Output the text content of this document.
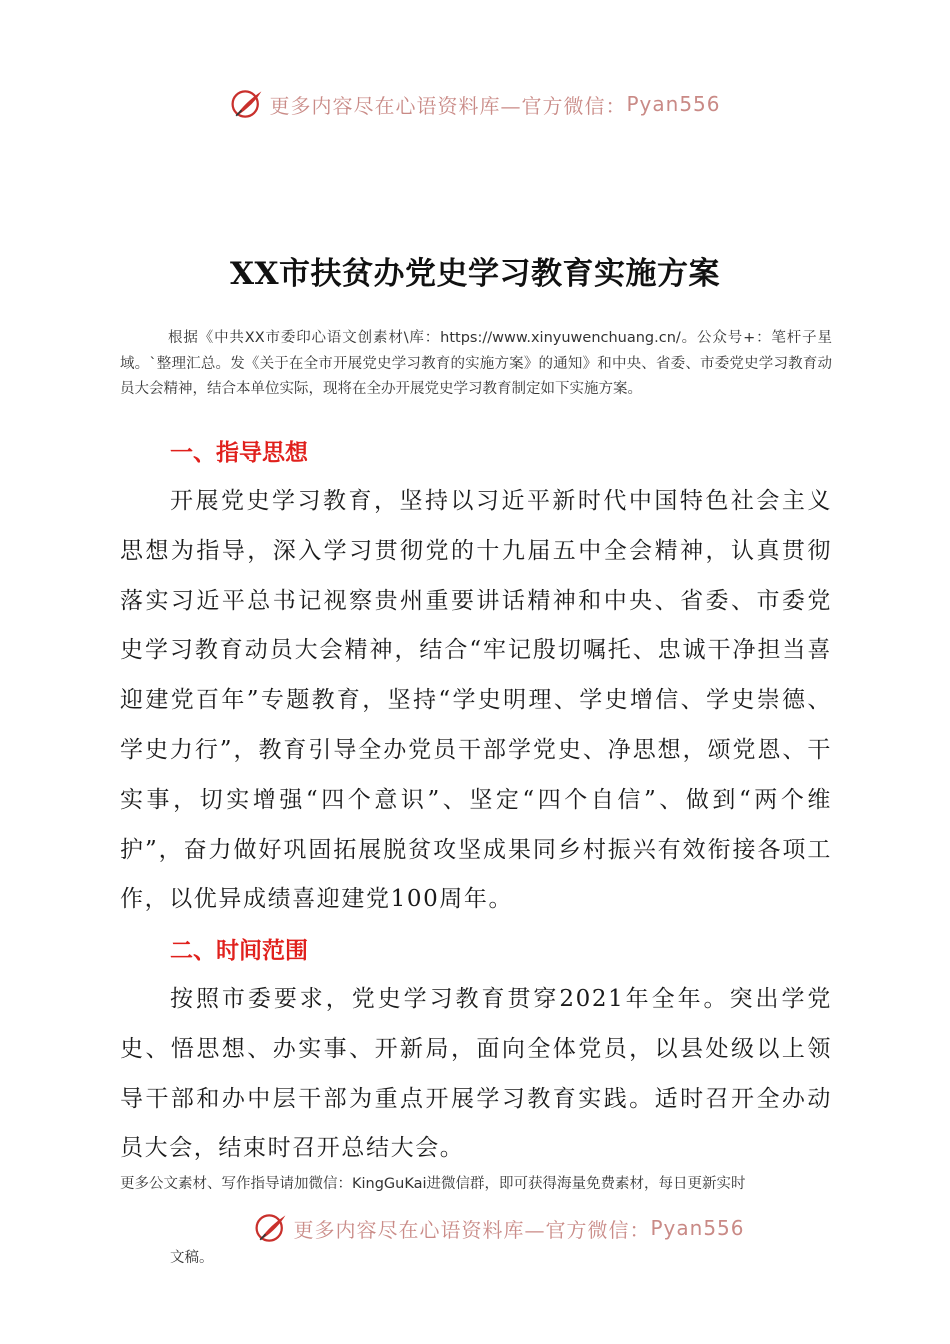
更多内容尽在心语资料库—官方微信： Pyan556
XX市扶贫办党史学习教育实施方案
根据《中共XX市委印心语文创素材\库：https://www.xinyuwenchuang.cn/。公众号+：笔杆子星域。`整理汇总。发《关于在全市开展党史学习教育的实施方案》的通知》和中央、省委、市委党史学习教育动员大会精神，结合本单位实际，现将在全办开展党史学习教育制定如下实施方案。
一、指导思想
开展党史学习教育，坚持以习近平新时代中国特色社会主义思想为指导，深入学习贯彻党的十九届五中全会精神，认真贯彻落实习近平总书记视察贵州重要讲话精神和中央、省委、市委党史学习教育动员大会精神，结合“牢记殷切嘱托、忠诚干净担当喜迎建党百年”专题教育，坚持“学史明理、学史增信、学史崇德、学史力行”，教育引导全办党员干部学党史、净思想，颂党恩、干实事，切实增强“四个意识”、坚定“四个自信”、做到“两个维护”，奋力做好巩固拓展脱贫攻坚成果同乡村振兴有效衔接各项工作，以优异成绩喜迎建党100周年。
二、时间范围
按照市委要求，党史学习教育贯穿2021年全年。突出学党史、悟思想、办实事、开新局，面向全体党员，以县处级以上领导干部和办中层干部为重点开展学习教育实践。适时召开全办动员大会，结束时召开总结大会。
更多公文素材、写作指导请加微信：KingGuKai进微信群，即可获得海量免费素材，每日更新实时
更多内容尽在心语资料库—官方微信： Pyan556
文稿。
